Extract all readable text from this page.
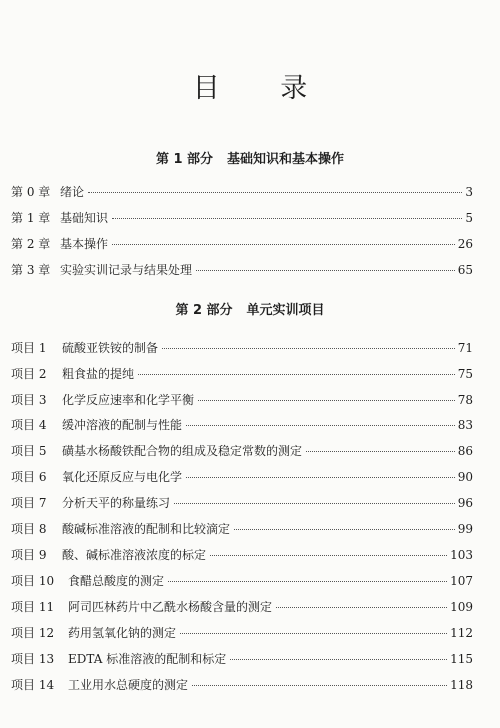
目 录
第 1 部分 基础知识和基本操作
第 0 章 绪论	3
第 1 章 基础知识	5
第 2 章 基本操作	26
第 3 章 实验实训记录与结果处理	65
第 2 部分 单元实训项目
项目 1	硫酸亚铁铵的制备	71
项目 2	粗食盐的提纯	75
项目 3	化学反应速率和化学平衡	78
项目 4	缓冲溶液的配制与性能	83
项目 5	磺基水杨酸铁配合物的组成及稳定常数的测定	86
项目 6	氧化还原反应与电化学	90
项目 7	分析天平的称量练习	96
项目 8	酸碱标准溶液的配制和比较滴定	99
项目 9	酸、碱标准溶液浓度的标定	103
项目 10	食醋总酸度的测定	107
项目 11	阿司匹林药片中乙酰水杨酸含量的测定	109
项目 12	药用氢氧化钠的测定	112
项目 13	EDTA 标准溶液的配制和标定	115
项目 14	工业用水总硬度的测定	118
